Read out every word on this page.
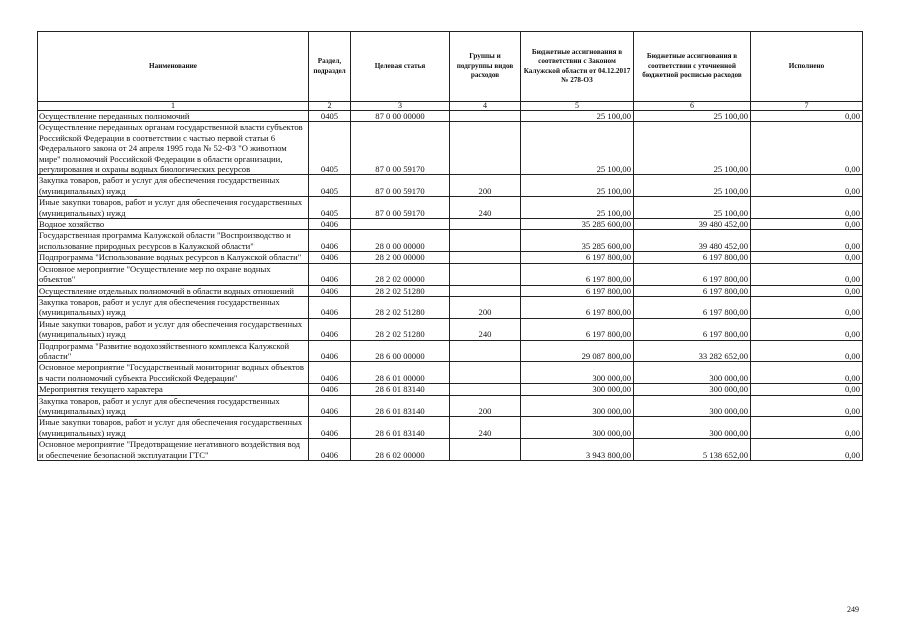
Наименование	Раздел, подраздел	Целевая статья	Группы и подгруппы видов расходов	Бюджетные ассигнования в соответствии с Законом Калужской области от 04.12.2017 № 278-ОЗ	Бюджетные ассигнования в соответствии с уточненной бюджетной росписью расходов	Исполнено
1	2	3	4	5	6	7
Осуществление переданных полномочий	0405	87 0 00 00000		25 100,00	25 100,00	0,00
Осуществление переданных органам государственной власти субъектов Российской Федерации в соответствии с частью первой статьи 6 Федерального закона от 24 апреля 1995 года № 52-ФЗ "О животном мире" полномочий Российской Федерации в области организации, регулирования и охраны водных биологических ресурсов	0405	87 0 00 59170		25 100,00	25 100,00	0,00
Закупка товаров, работ и услуг для обеспечения государственных (муниципальных) нужд	0405	87 0 00 59170	200	25 100,00	25 100,00	0,00
Иные закупки товаров, работ и услуг для обеспечения государственных (муниципальных) нужд	0405	87 0 00 59170	240	25 100,00	25 100,00	0,00
Водное хозяйство	0406			35 285 600,00	39 480 452,00	0,00
Государственная программа Калужской области "Воспроизводство и использование природных ресурсов в Калужской области"	0406	28 0 00 00000		35 285 600,00	39 480 452,00	0,00
Подпрограмма "Использование водных ресурсов в Калужской области"	0406	28 2 00 00000		6 197 800,00	6 197 800,00	0,00
Основное мероприятие "Осуществление мер по охране водных объектов"	0406	28 2 02 00000		6 197 800,00	6 197 800,00	0,00
Осуществление отдельных полномочий в области водных отношений	0406	28 2 02 51280		6 197 800,00	6 197 800,00	0,00
Закупка товаров, работ и услуг для обеспечения государственных (муниципальных) нужд	0406	28 2 02 51280	200	6 197 800,00	6 197 800,00	0,00
Иные закупки товаров, работ и услуг для обеспечения государственных (муниципальных) нужд	0406	28 2 02 51280	240	6 197 800,00	6 197 800,00	0,00
Подпрограмма "Развитие водохозяйственного комплекса Калужской области"	0406	28 6 00 00000		29 087 800,00	33 282 652,00	0,00
Основное мероприятие "Государственный мониторинг водных объектов в части полномочий субъекта Российской Федерации"	0406	28 6 01 00000		300 000,00	300 000,00	0,00
Мероприятия текущего характера	0406	28 6 01 83140		300 000,00	300 000,00	0,00
Закупка товаров, работ и услуг для обеспечения государственных (муниципальных) нужд	0406	28 6 01 83140	200	300 000,00	300 000,00	0,00
Иные закупки товаров, работ и услуг для обеспечения государственных (муниципальных) нужд	0406	28 6 01 83140	240	300 000,00	300 000,00	0,00
Основное мероприятие "Предотвращение негативного воздействия вод и обеспечение безопасной эксплуатации ГТС"	0406	28 6 02 00000		3 943 800,00	5 138 652,00	0,00
249
